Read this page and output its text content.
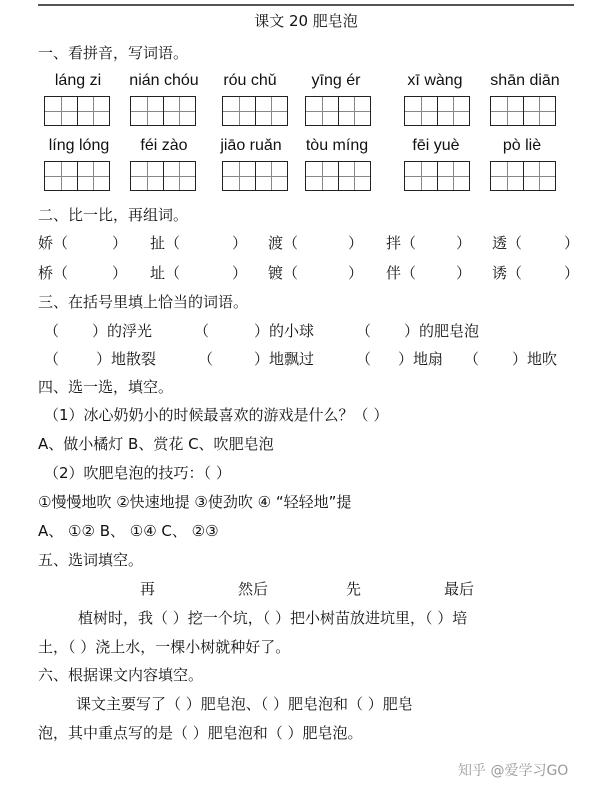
课文 20 肥皂泡
一、看拼音，写词语。
láng zi	nián chóu	róu chǔ	yīng ér	xī wàng	shān diān
líng lóng	féi zào	jiāo ruǎn	tòu míng	fēi yuè	pò liè
二、比一比，再组词。
娇（	） 扯（	） 渡（	） 拌（	） 透（	）
桥（	） 址（	） 镀（	） 伴（	） 诱（	）
三、在括号里填上恰当的词语。
（ ）的浮光	（	）的小球	（ ）的肥皂泡
（ ）地散裂	（	）地飘过	（ ）地扇 （ ）地吹
四、选一选，填空。
（1）冰心奶奶小的时候最喜欢的游戏是什么？（ ）
A、做小橘灯 B、赏花 C、吹肥皂泡
（2）吹肥皂泡的技巧：（ ）
①慢慢地吹 ②快速地提 ③使劲吹 ④ “轻轻地”提
A、 ①② B、 ①④ C、 ②③
五、选词填空。
再	然后	先	最后
植树时，我（ ）挖一个坑，（ ）把小树苗放进坑里，（ ）培
土，（ ）浇上水，一棵小树就种好了。
六、根据课文内容填空。
课文主要写了（ ）肥皂泡、（ ）肥皂泡和（ ）肥皂
泡，其中重点写的是（ ）肥皂泡和（ ）肥皂泡。
知乎 @爱学习GO
